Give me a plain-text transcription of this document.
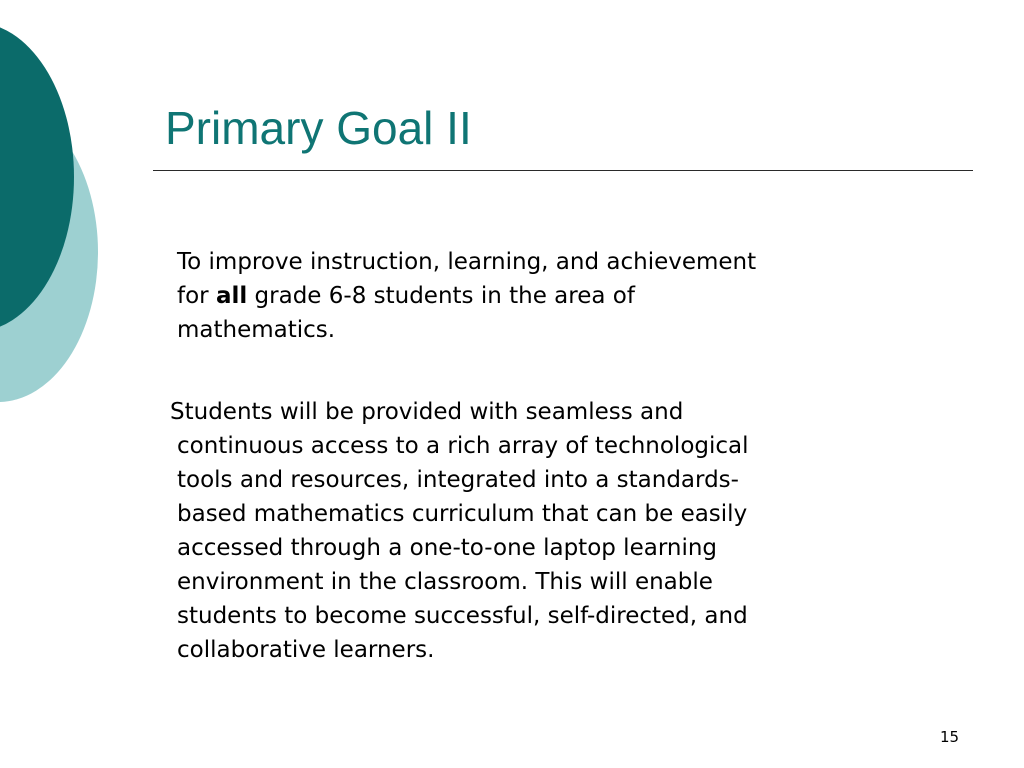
Primary Goal II

To improve instruction, learning, and achievement
for all grade 6-8 students in the area of
mathematics.

Students will be provided with seamless and
continuous access to a rich array of technological
tools and resources, integrated into a standards-
based mathematics curriculum that can be easily
accessed through a one-to-one laptop learning
environment in the classroom. This will enable
students to become successful, self-directed, and
collaborative learners.

15
